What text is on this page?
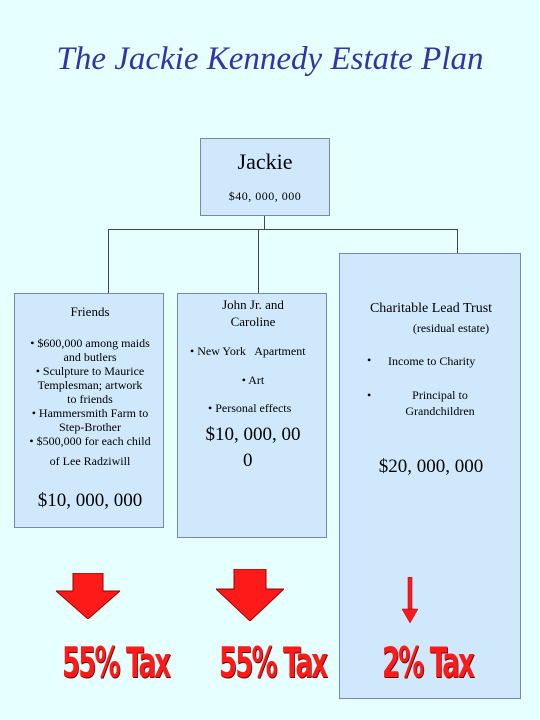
The Jackie Kennedy Estate Plan
Jackie
$40, 000, 000
Friends
• $600,000 among maids
and butlers
• Sculpture to Maurice
Templesman; artwork
to friends
• Hammersmith Farm to
Step-Brother
• $500,000 for each child
of Lee Radziwill
$10, 000, 000
John Jr. and
Caroline
• New York   Apartment
• Art
• Personal effects
$10, 000, 00
0
Charitable Lead Trust
(residual estate)
• Income to Charity
•	Principal to
Grandchildren
$20, 000, 000
55% Tax 55% Tax 2% Tax
